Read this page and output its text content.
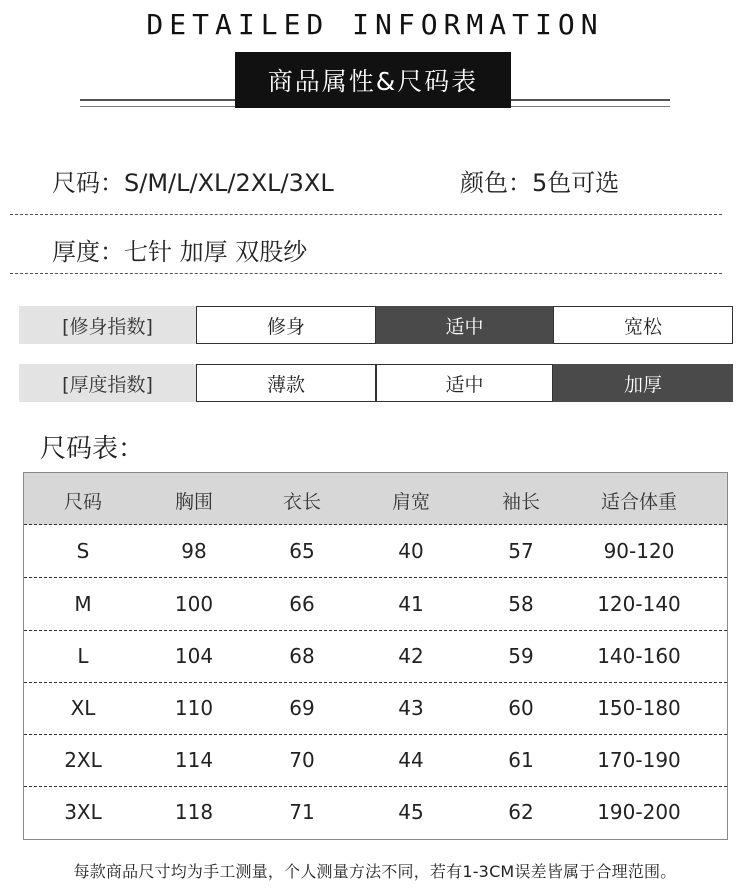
DETAILED INFORMATION
商品属性&尺码表
尺码：S/M/L/XL/2XL/3XL	颜色：5色可选
厚度：七针 加厚 双股纱
[修身指数]	修身	适中	宽松
[厚度指数]	薄款	适中	加厚
尺码表：
尺码	胸围	衣长	肩宽	袖长	适合体重
S	98	65	40	57	90-120
M	100	66	41	58	120-140
L	104	68	42	59	140-160
XL	110	69	43	60	150-180
2XL	114	70	44	61	170-190
3XL	118	71	45	62	190-200
每款商品尺寸均为手工测量，个人测量方法不同，若有1-3CM误差皆属于合理范围。
